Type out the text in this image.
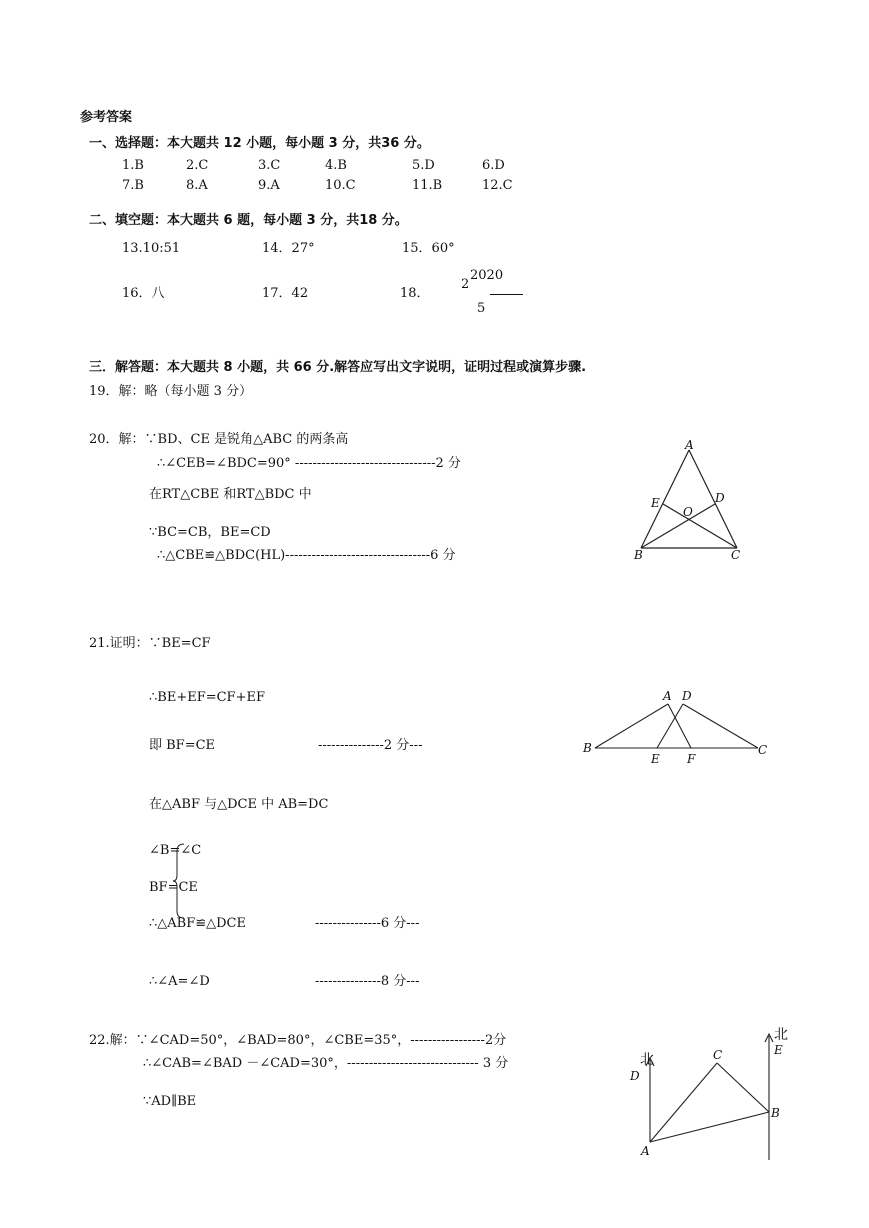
参考答案
一、选择题：本大题共 12 小题，每小题 3 分，共36 分。
1.B	2.C	3.C	4.B	5.D	6.D
7.B	8.A	9.A	10.C	11.B	12.C
二、填空题：本大题共 6 题，每小题 3 分，共18 分。
13.10:51	14．27°	15．60°
16．八	17．42	18．
2
2020
5
三．解答题：本大题共 8 小题，共 66 分.解答应写出文字说明，证明过程或演算步骤.
19．解：略（每小题 3 分）
20．解：∵BD、CE 是锐角△ABC 的两条高
∴∠CEB=∠BDC=90° --------------------------------2 分
在RT△CBE 和RT△BDC 中
∵BC=CB，BE=CD
∴△CBE≌△BDC(HL)---------------------------------6 分
A
E	D
O
B	C
21.证明：∵BE=CF
∴BE+EF=CF+EF
即 BF=CE	---------------2 分---
在△ABF 与△DCE 中 AB=DC
∠B=∠C
BF=CE
∴△ABF≌△DCE	---------------6 分---
∴∠A=∠D	---------------8 分---
A D
B
E F
C
22.解：∵∠CAD=50°，∠BAD=80°，∠CBE=35°，-----------------2分
∴∠CAB=∠BAD －∠CAD=30°，------------------------------ 3 分
∵AD∥BE
北
E
北
D
C
B
A
